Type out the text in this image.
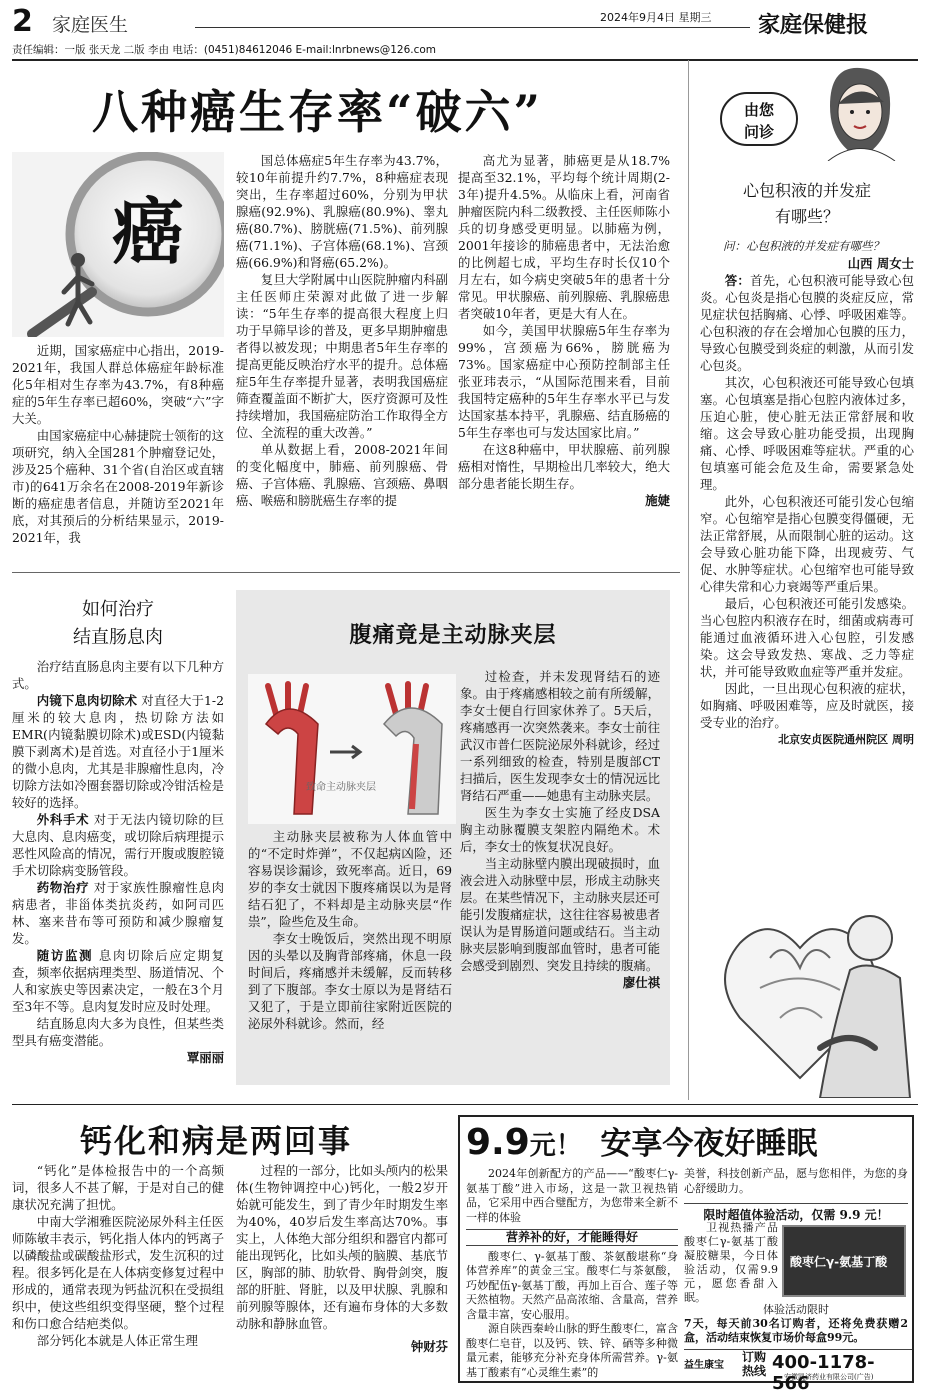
2 家庭医生	2024年9月4日 星期三 家庭保健报
责任编辑：一版 张天龙 二版 李由 电话：(0451)84612046 E-mail:lnrbnews@126.com
八种癌生存率“破六”
癌

近期，国家癌症中心指出，2019-2021年，我国人群总体癌症年龄标准化5年相对生存率为43.7%，有8种癌症的5年生存率已超60%，突破“六”字大关。

由国家癌症中心赫捷院士领衔的这项研究，纳入全国281个肿瘤登记处，涉及25个癌种、31个省(自治区或直辖市)的641万余名在2008-2019年新诊断的癌症患者信息，并随访至2021年底，对其预后的分析结果显示，2019-2021年，我

国总体癌症5年生存率为43.7%，较10年前提升约7.7%，8种癌症表现突出，生存率超过60%，分别为甲状腺癌(92.9%)、乳腺癌(80.9%)、睾丸癌(80.7%)、膀胱癌(71.5%)、前列腺癌(71.1%)、子宫体癌(68.1%)、宫颈癌(66.9%)和肾癌(65.2%)。

复旦大学附属中山医院肿瘤内科副主任医师庄荣源对此做了进一步解读：“5年生存率的提高很大程度上归功于早筛早诊的普及，更多早期肿瘤患者得以被发现；中期患者5年生存率的提高更能反映治疗水平的提升。总体癌症5年生存率提升显著，表明我国癌症筛查覆盖面不断扩大，医疗资源可及性持续增加，我国癌症防治工作取得全方位、全流程的重大改善。”

单从数据上看，2008-2021年间的变化幅度中，肺癌、前列腺癌、骨癌、子宫体癌、乳腺癌、宫颈癌、鼻咽癌、喉癌和膀胱癌生存率的提

高尤为显著，肺癌更是从18.7%提高至32.1%，平均每个统计周期(2-3年)提升4.5%。从临床上看，河南省肿瘤医院内科二级教授、主任医师陈小兵的切身感受更明显。以肺癌为例，2001年接诊的肺癌患者中，无法治愈的比例超七成，平均生存时长仅10个月左右，如今病史突破5年的患者十分常见。甲状腺癌、前列腺癌、乳腺癌患者突破10年者，更是大有人在。

如今，美国甲状腺癌5年生存率为99%，宫颈癌为66%，膀胱癌为73%。国家癌症中心预防控制部主任张亚玮表示，“从国际范围来看，目前我国特定癌种的5年生存率水平已与发达国家基本持平，乳腺癌、结直肠癌的5年生存率也可与发达国家比肩。”

在这8种癌中，甲状腺癌、前列腺癌相对惰性，早期检出几率较大，绝大部分患者能长期生存。

施婕

由您
问诊
心包积液的并发症
有哪些？

问：心包积液的并发症有哪些？

山西 周女士

答：首先，心包积液可能导致心包炎。心包炎是指心包膜的炎症反应，常见症状包括胸痛、心悸、呼吸困难等。心包积液的存在会增加心包膜的压力，导致心包膜受到炎症的刺激，从而引发心包炎。

其次，心包积液还可能导致心包填塞。心包填塞是指心包腔内液体过多，压迫心脏，使心脏无法正常舒展和收缩。这会导致心脏功能受损，出现胸痛、心悸、呼吸困难等症状。严重的心包填塞可能会危及生命，需要紧急处理。

此外，心包积液还可能引发心包缩窄。心包缩窄是指心包膜变得僵硬，无法正常舒展，从而限制心脏的运动。这会导致心脏功能下降，出现疲劳、气促、水肿等症状。心包缩窄也可能导致心律失常和心力衰竭等严重后果。

最后，心包积液还可能引发感染。当心包腔内积液存在时，细菌或病毒可能通过血液循环进入心包腔，引发感染。这会导致发热、寒战、乏力等症状，并可能导致败血症等严重并发症。

因此，一旦出现心包积液的症状，如胸痛、呼吸困难等，应及时就医，接受专业的治疗。

北京安贞医院通州院区 周明

如何治疗
结直肠息肉

治疗结直肠息肉主要有以下几种方式。

内镜下息肉切除术 对直径大于1-2厘米的较大息肉，热切除方法如EMR(内镜黏膜切除术)或ESD(内镜黏膜下剥离术)是首选。对直径小于1厘米的微小息肉，尤其是非腺瘤性息肉，冷切除方法如冷圈套器切除或冷钳活检是较好的选择。

外科手术 对于无法内镜切除的巨大息肉、息肉癌变，或切除后病理提示恶性风险高的情况，需行开腹或腹腔镜手术切除病变肠管段。

药物治疗 对于家族性腺瘤性息肉病患者，非甾体类抗炎药，如阿司匹林、塞来昔布等可预防和减少腺瘤复发。

随访监测 息肉切除后应定期复查，频率依据病理类型、肠道情况、个人和家族史等因素决定，一般在3个月至3年不等。息肉复发时应及时处理。

结直肠息肉大多为良性，但某些类型具有癌变潜能。

覃丽丽

腹痛竟是主动脉夹层
致命主动脉夹层

主动脉夹层被称为人体血管中的“不定时炸弹”，不仅起病凶险，还容易误诊漏诊，致死率高。近日，69岁的李女士就因下腹疼痛误以为是肾结石犯了，不料却是主动脉夹层“作祟”，险些危及生命。

李女士晚饭后，突然出现不明原因的头晕以及胸背部疼痛，休息一段时间后，疼痛感并未缓解，反而转移到了下腹部。李女士原以为是肾结石又犯了，于是立即前往家附近医院的泌尿外科就诊。然而，经

过检查，并未发现肾结石的迹象。由于疼痛感相较之前有所缓解，李女士便自行回家休养了。5天后，疼痛感再一次突然袭来。李女士前往武汉市普仁医院泌尿外科就诊，经过一系列细致的检查，特别是腹部CT扫描后，医生发现李女士的情况远比肾结石严重——她患有主动脉夹层。

医生为李女士实施了经皮DSA胸主动脉覆膜支架腔内隔绝术。术后，李女士的恢复状况良好。

当主动脉壁内膜出现破损时，血液会进入动脉壁中层，形成主动脉夹层。在某些情况下，主动脉夹层还可能引发腹痛症状，这往往容易被患者误认为是胃肠道问题或结石。当主动脉夹层影响到腹部血管时，患者可能会感受到剧烈、突发且持续的腹痛。

廖仕祺

钙化和病是两回事

“钙化”是体检报告中的一个高频词，很多人不甚了解，于是对自己的健康状况充满了担忧。

中南大学湘雅医院泌尿外科主任医师陈敏丰表示，钙化指人体内的钙离子以磷酸盐或碳酸盐形式，发生沉积的过程。很多钙化是在人体病变修复过程中形成的，通常表现为钙盐沉积在受损组织中，使这些组织变得坚硬，整个过程和伤口愈合结疤类似。

部分钙化本就是人体正常生理

过程的一部分，比如头颅内的松果体(生物钟调控中心)钙化，一般2岁开始就可能发生，到了青少年时期发生率为40%，40岁后发生率高达70%。事实上，人体绝大部分组织和器官内都可能出现钙化，比如头颅的脑膜、基底节区，胸部的肺、肋软骨、胸骨剑突，腹部的肝脏、肾脏，以及甲状腺、乳腺和前列腺等腺体，还有遍布身体的大多数动脉和静脉血管。

钟财芬

9.9元！ 安享今夜好睡眠

2024年创新配方的产品——“酸枣仁γ-氨基丁酸”进入市场，这是一款卫视热销品，它采用中西合璧配方，为您带来全新不一样的体验

营养补的好，才能睡得好

酸枣仁、γ-氨基丁酸、茶氨酸堪称“身体营养库”的黄金三宝。酸枣仁与茶氨酸，巧妙配伍γ-氨基丁酸，再加上百合、莲子等天然植物。天然产品高浓缩、含量高，营养含量丰富，安心服用。

源自陕西秦岭山脉的野生酸枣仁，富含酸枣仁皂苷，以及钙、铁、锌、硒等多种微量元素，能够充分补充身体所需营养。γ-氨基丁酸素有“心灵维生素”的

美誉，科技创新产品，愿与您相伴，为您的身心舒缓助力。
限时超值体验活动，仅需 9.9 元！

卫视热播产品酸枣仁γ-氨基丁酸凝胶糖果，今日体验活动，仅需9.9元，愿您香甜入眠。

酸枣仁γ-氨基丁酸
体验活动限时
7天，每天前30名订购者，还将免费获赠2盒，活动结束恢复市场价每盒99元。
益生康宝
订购
热线 400-1178-566
安徽凯济药业有限公司(广告)
